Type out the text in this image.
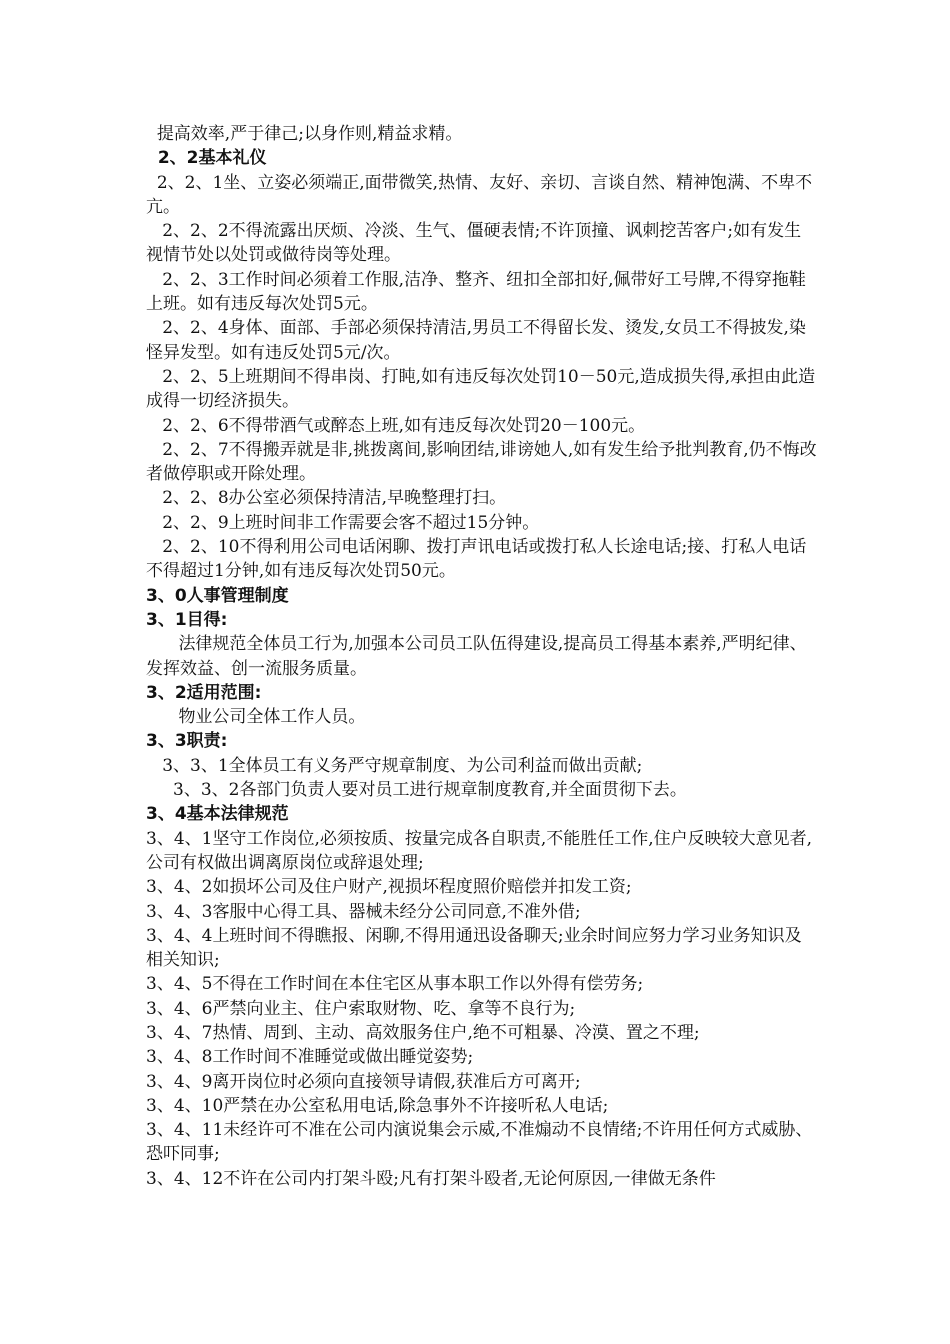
提高效率,严于律己;以身作则,精益求精。

2、2基本礼仪

2、2、1坐、立姿必须端正,面带微笑,热情、友好、亲切、言谈自然、精神饱满、不卑不亢。

2、2、2不得流露出厌烦、冷淡、生气、僵硬表情;不许顶撞、讽刺挖苦客户;如有发生视情节处以处罚或做待岗等处理。

2、2、3工作时间必须着工作服,洁净、整齐、纽扣全部扣好,佩带好工号牌,不得穿拖鞋上班。如有违反每次处罚5元。

2、2、4身体、面部、手部必须保持清洁,男员工不得留长发、烫发,女员工不得披发,染怪异发型。如有违反处罚5元/次。

2、2、5上班期间不得串岗、打盹,如有违反每次处罚10－50元,造成损失得,承担由此造成得一切经济损失。

2、2、6不得带酒气或醉态上班,如有违反每次处罚20－100元。

2、2、7不得搬弄就是非,挑拨离间,影响团结,诽谤她人,如有发生给予批判教育,仍不悔改者做停职或开除处理。

2、2、8办公室必须保持清洁,早晚整理打扫。

2、2、9上班时间非工作需要会客不超过15分钟。

2、2、10不得利用公司电话闲聊、拨打声讯电话或拨打私人长途电话;接、打私人电话不得超过1分钟,如有违反每次处罚50元。

3、0人事管理制度

3、1目得:

法律规范全体员工行为,加强本公司员工队伍得建设,提高员工得基本素养,严明纪律、发挥效益、创一流服务质量。

3、2适用范围:

物业公司全体工作人员。

3、3职责:

3、3、1全体员工有义务严守规章制度、为公司利益而做出贡献;

3、3、2各部门负责人要对员工进行规章制度教育,并全面贯彻下去。

3、4基本法律规范

3、4、1坚守工作岗位,必须按质、按量完成各自职责,不能胜任工作,住户反映较大意见者,公司有权做出调离原岗位或辞退处理;

3、4、2如损坏公司及住户财产,视损坏程度照价赔偿并扣发工资;

3、4、3客服中心得工具、器械未经分公司同意,不准外借;

3、4、4上班时间不得瞧报、闲聊,不得用通迅设备聊天;业余时间应努力学习业务知识及相关知识;

3、4、5不得在工作时间在本住宅区从事本职工作以外得有偿劳务;

3、4、6严禁向业主、住户索取财物、吃、拿等不良行为;

3、4、7热情、周到、主动、高效服务住户,绝不可粗暴、冷漠、置之不理;

3、4、8工作时间不准睡觉或做出睡觉姿势;

3、4、9离开岗位时必须向直接领导请假,获准后方可离开;

3、4、10严禁在办公室私用电话,除急事外不许接听私人电话;

3、4、11未经许可不准在公司内演说集会示威,不准煽动不良情绪;不许用任何方式威胁、恐吓同事;

3、4、12不许在公司内打架斗殴;凡有打架斗殴者,无论何原因,一律做无条件
